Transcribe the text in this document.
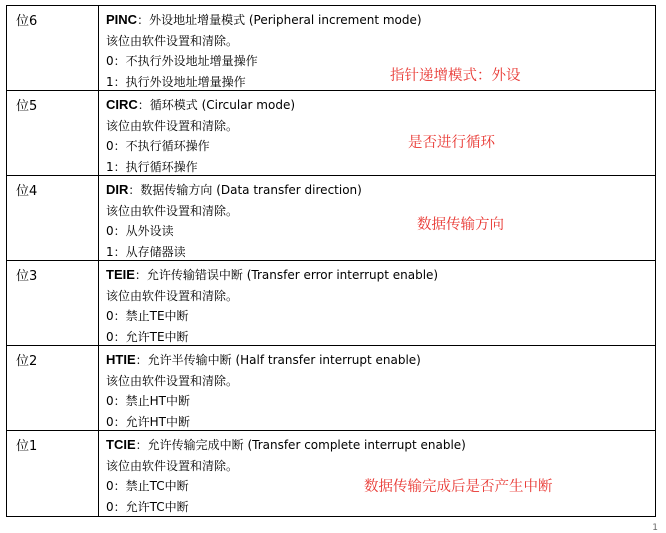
位6	PINC：外设地址增量模式 (Peripheral increment mode)
该位由软件设置和清除。
0：不执行外设地址增量操作
1：执行外设地址增量操作	指针递增模式：外设
位5	CIRC：循环模式 (Circular mode)
该位由软件设置和清除。
0：不执行循环操作
1：执行循环操作
是否进行循环
位4	DIR：数据传输方向 (Data transfer direction)
该位由软件设置和清除。
0：从外设读
1：从存储器读
数据传输方向
位3	TEIE：允许传输错误中断 (Transfer error interrupt enable)
该位由软件设置和清除。
0：禁止TE中断
0：允许TE中断
位2	HTIE：允许半传输中断 (Half transfer interrupt enable)
该位由软件设置和清除。
0：禁止HT中断
0：允许HT中断
位1	TCIE：允许传输完成中断 (Transfer complete interrupt enable)
该位由软件设置和清除。
0：禁止TC中断
0：允许TC中断
数据传输完成后是否产生中断
1
